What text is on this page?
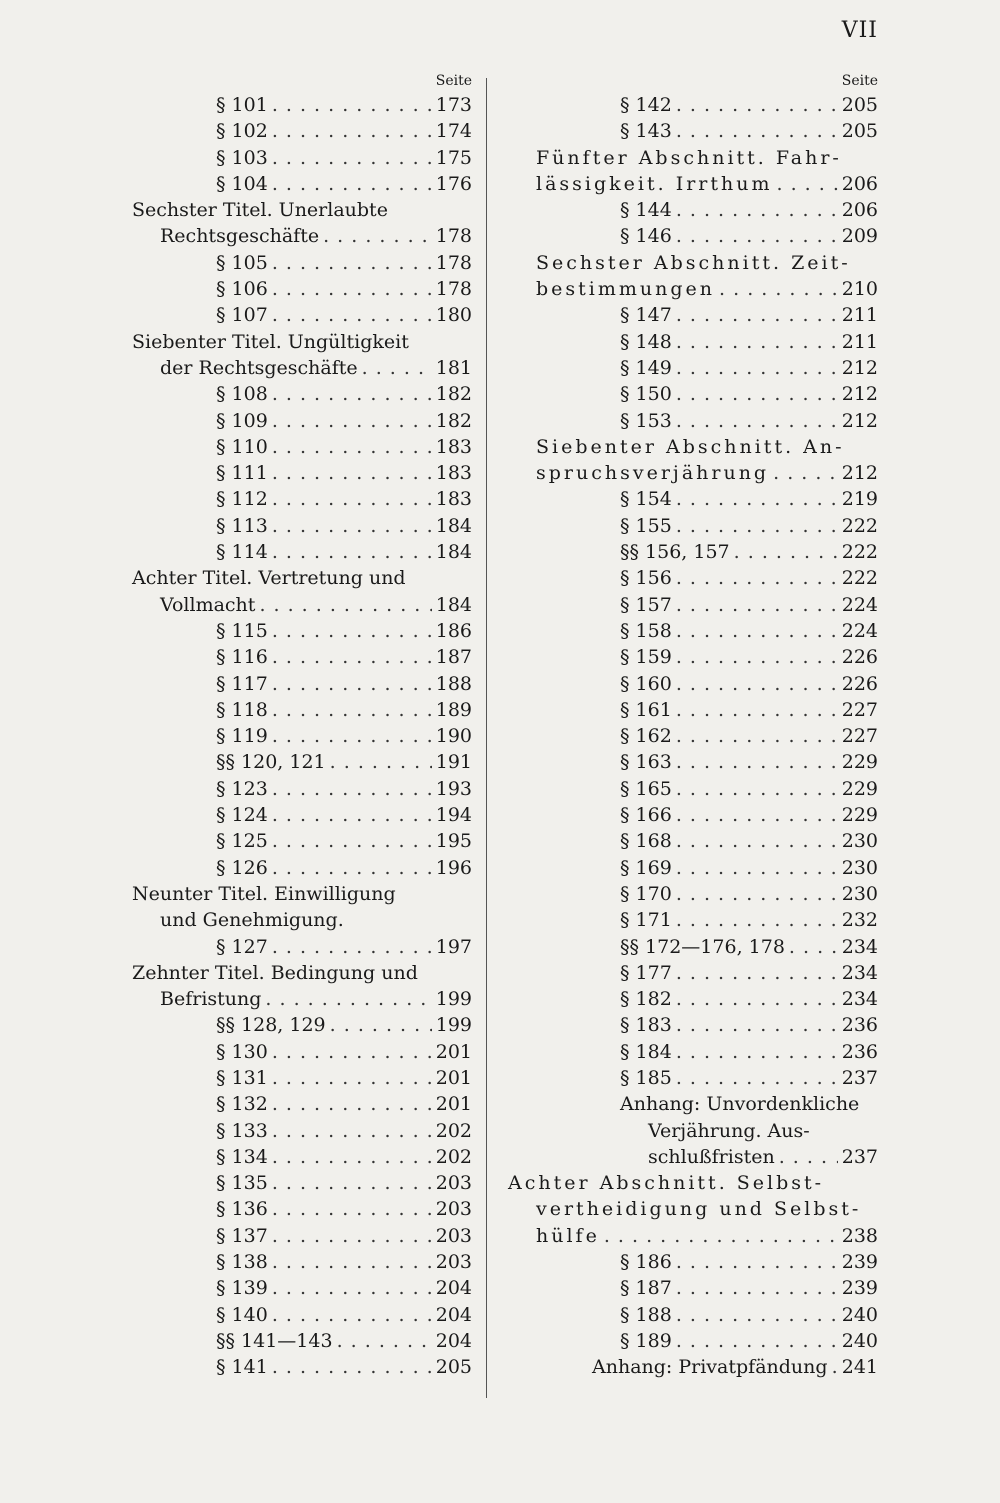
VII
Seite
§ 101 . . .	173
§ 102 . . .	174
§ 103 . . .	175
§ 104 . . .	176
Sechster Titel. Unerlaubte
Rechtsgeschäfte . . .	178
§ 105 . . .	178
§ 106 . . .	178
§ 107 . . .	180
Siebenter Titel. Ungültigkeit
der Rechtsgeschäfte . . .	181
§ 108 . . .	182
§ 109 . . .	182
§ 110 . . .	183
§ 111 . . .	183
§ 112 . . .	183
§ 113 . . .	184
§ 114 . . .	184
Achter Titel. Vertretung und
Vollmacht . . .	184
§ 115 . . .	186
§ 116 . . .	187
§ 117 . . .	188
§ 118 . . .	189
§ 119 . . .	190
§§ 120, 121 . . .	191
§ 123 . . .	193
§ 124 . . .	194
§ 125 . . .	195
§ 126 . . .	196
Neunter Titel. Einwilligung
und Genehmigung.
§ 127 . . .	197
Zehnter Titel. Bedingung und
Befristung . . .	199
§§ 128, 129 . . .	199
§ 130 . . .	201
§ 131 . . .	201
§ 132 . . .	201
§ 133 . . .	202
§ 134 . . .	202
§ 135 . . .	203
§ 136 . . .	203
§ 137 . . .	203
§ 138 . . .	203
§ 139 . . .	204
§ 140 . . .	204
§§ 141—143 . . .	204
§ 141 . . .	205
Seite
§ 142 . . .	205
§ 143 . . .	205
Fünfter Abschnitt. Fahr-
lässigkeit. Irrthum . . .	206
§ 144 . . .	206
§ 146 . . .	209
Sechster Abschnitt. Zeit-
bestimmungen . . .	210
§ 147 . . .	211
§ 148 . . .	211
§ 149 . . .	212
§ 150 . . .	212
§ 153 . . .	212
Siebenter Abschnitt. An-
spruchsverjährung . . .	212
§ 154 . . .	219
§ 155 . . .	222
§§ 156, 157 . . .	222
§ 156 . . .	222
§ 157 . . .	224
§ 158 . . .	224
§ 159 . . .	226
§ 160 . . .	226
§ 161 . . .	227
§ 162 . . .	227
§ 163 . . .	229
§ 165 . . .	229
§ 166 . . .	229
§ 168 . . .	230
§ 169 . . .	230
§ 170 . . .	230
§ 171 . . .	232
§§ 172—176, 178 . . .	234
§ 177 . . .	234
§ 182 . . .	234
§ 183 . . .	236
§ 184 . . .	236
§ 185 . . .	237
Anhang: Unvordenkliche
Verjährung. Aus-
schlußfristen . . .	237
Achter Abschnitt. Selbst-
vertheidigung und Selbst-
hülfe . . .	238
§ 186 . . .	239
§ 187 . . .	239
§ 188 . . .	240
§ 189 . . .	240
Anhang: Privatpfändung . . . 241
